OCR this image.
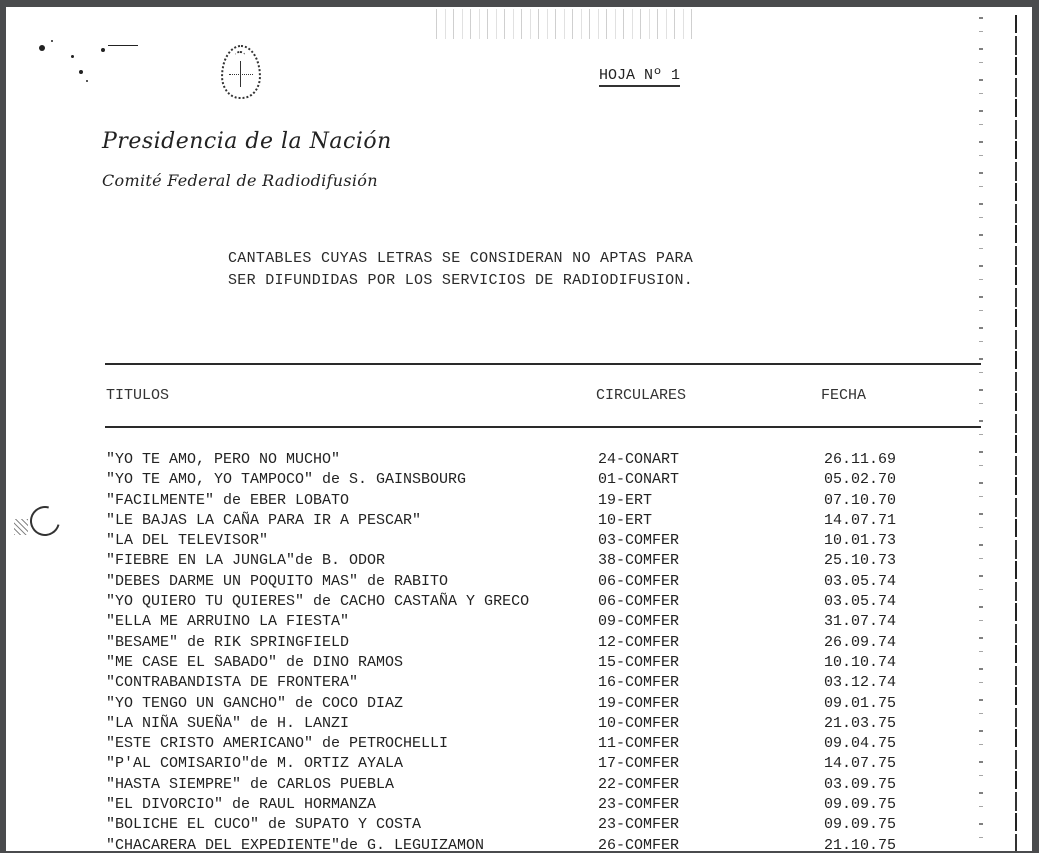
Presidencia de la Nación
Comité Federal de Radiodifusión
HOJA Nº 1
CANTABLES CUYAS LETRAS SE CONSIDERAN NO APTAS PARA
SER DIFUNDIDAS POR LOS SERVICIOS DE RADIODIFUSION.
TITULOS	CIRCULARES	FECHA
"YO TE AMO, PERO NO MUCHO"	24-CONART	26.11.69
"YO TE AMO, YO TAMPOCO" de S. GAINSBOURG	01-CONART	05.02.70
"FACILMENTE" de EBER LOBATO	19-ERT	07.10.70
"LE BAJAS LA CAÑA PARA IR A PESCAR"	10-ERT	14.07.71
"LA DEL TELEVISOR"	03-COMFER	10.01.73
"FIEBRE EN LA JUNGLA"de B. ODOR	38-COMFER	25.10.73
"DEBES DARME UN POQUITO MAS" de RABITO	06-COMFER	03.05.74
"YO QUIERO TU QUIERES" de CACHO CASTAÑA Y GRECO	06-COMFER	03.05.74
"ELLA ME ARRUINO LA FIESTA"	09-COMFER	31.07.74
"BESAME" de RIK SPRINGFIELD	12-COMFER	26.09.74
"ME CASE EL SABADO" de DINO RAMOS	15-COMFER	10.10.74
"CONTRABANDISTA DE FRONTERA"	16-COMFER	03.12.74
"YO TENGO UN GANCHO" de COCO DIAZ	19-COMFER	09.01.75
"LA NIÑA SUEÑA" de H. LANZI	10-COMFER	21.03.75
"ESTE CRISTO AMERICANO" de PETROCHELLI	11-COMFER	09.04.75
"P'AL COMISARIO"de M. ORTIZ AYALA	17-COMFER	14.07.75
"HASTA SIEMPRE" de CARLOS PUEBLA	22-COMFER	03.09.75
"EL DIVORCIO" de RAUL HORMANZA	23-COMFER	09.09.75
"BOLICHE EL CUCO" de SUPATO Y COSTA	23-COMFER	09.09.75
"CHACARERA DEL EXPEDIENTE"de G. LEGUIZAMON	26-COMFER	21.10.75
